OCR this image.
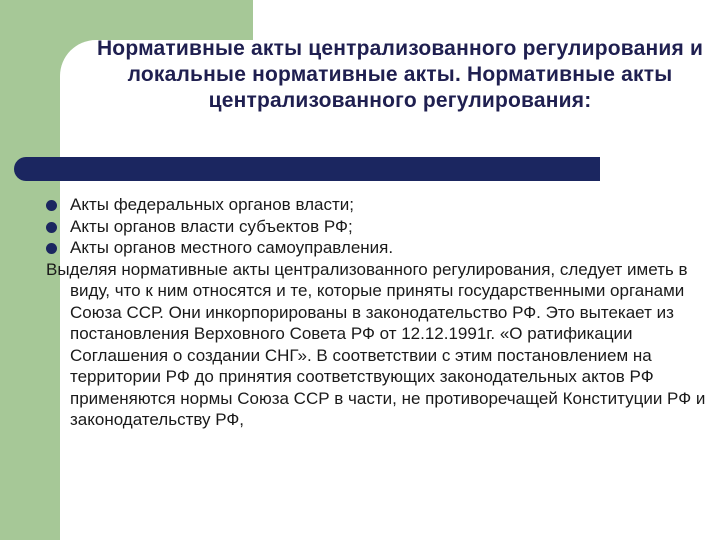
Нормативные акты централизованного регулирования и локальные нормативные акты. Нормативные акты централизованного регулирования:
Акты федеральных органов власти;
Акты органов власти субъектов РФ;
Акты органов местного самоуправления.

Выделяя нормативные акты централизованного регулирования, следует иметь в виду, что к ним относятся и те, которые приняты государственными органами Союза ССР. Они инкорпорированы в законодательство РФ. Это вытекает из постановления Верховного Совета РФ от 12.12.1991г. «О ратификации Соглашения о создании СНГ». В соответствии с этим постановлением на территории РФ до принятия соответствующих законодательных актов РФ применяются нормы Союза ССР в части, не противоречащей Конституции РФ и законодательству РФ,
